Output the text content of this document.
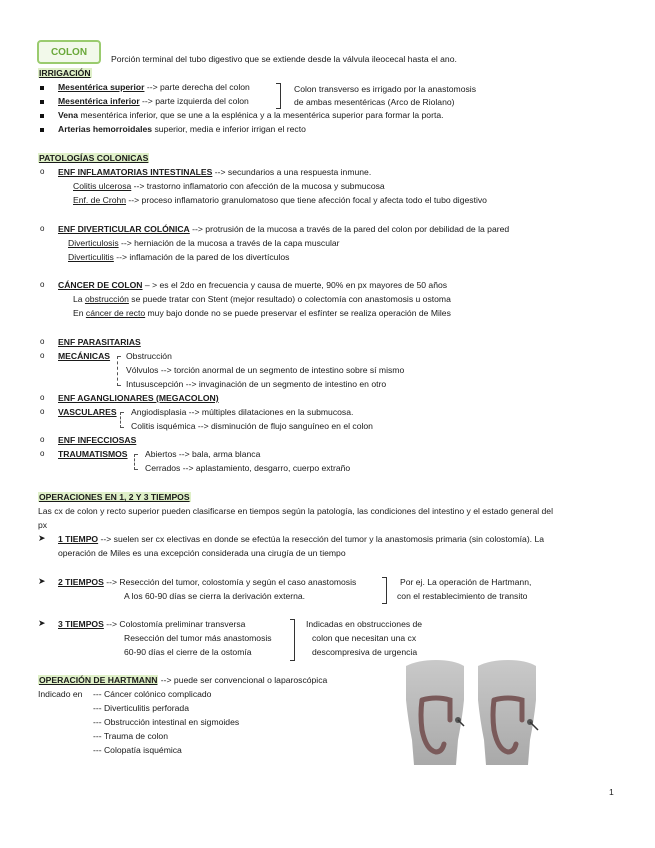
COLON
Porción terminal del tubo digestivo que se extiende desde la válvula ileocecal hasta el ano.
IRRIGACIÓN
Mesentérica superior --> parte derecha del colon
Mesentérica inferior --> parte izquierda del colon
Colon transverso es irrigado por la anastomosis
de ambas mesentéricas (Arco de Riolano)
Vena mesentérica inferior, que se une a la esplénica y a la mesentérica superior para formar la porta.
Arterias hemorroidales superior, media e inferior irrigan el recto
PATOLOGÍAS COLONICAS
o ENF INFLAMATORIAS INTESTINALES --> secundarios a una respuesta inmune.
Colitis ulcerosa --> trastorno inflamatorio con afección de la mucosa y submucosa
Enf. de Crohn --> proceso inflamatorio granulomatoso que tiene afección focal y afecta todo el tubo digestivo
o ENF DIVERTICULAR COLÓNICA --> protrusión de la mucosa a través de la pared del colon por debilidad de la pared
Diverticulosis --> herniación de la mucosa a través de la capa muscular
Diverticulitis --> inflamación de la pared de los divertículos
o CÁNCER DE COLON – > es el 2do en frecuencia y causa de muerte, 90% en px mayores de 50 años
La obstrucción se puede tratar con Stent (mejor resultado) o colectomía con anastomosis u ostoma
En cáncer de recto muy bajo donde no se puede preservar el esfínter se realiza operación de Miles
o ENF PARASITARIAS
o MECÁNICAS Obstrucción
Vólvulos --> torción anormal de un segmento de intestino sobre sí mismo
Intususcepción --> invaginación de un segmento de intestino en otro
o ENF AGANGLIONARES (MEGACOLON)
o VASCULARES Angiodisplasia --> múltiples dilataciones en la submucosa.
Colitis isquémica --> disminución de flujo sanguíneo en el colon
o ENF INFECCIOSAS
o TRAUMATISMOS Abiertos --> bala, arma blanca
Cerrados --> aplastamiento, desgarro, cuerpo extraño
OPERACIONES EN 1, 2 Y 3 TIEMPOS
Las cx de colon y recto superior pueden clasificarse en tiempos según la patología, las condiciones del intestino y el estado general del
px
➤ 1 TIEMPO --> suelen ser cx electivas en donde se efectúa la resección del tumor y la anastomosis primaria (sin colostomía). La
operación de Miles es una excepción considerada una cirugía de un tiempo
➤ 2 TIEMPOS --> Resección del tumor, colostomía y según el caso anastomosis
A los 60-90 días se cierra la derivación externa.
Por ej. La operación de Hartmann,
con el restablecimiento de transito
➤ 3 TIEMPOS --> Colostomía preliminar transversa
Resección del tumor más anastomosis
60-90 días el cierre de la ostomía
Indicadas en obstrucciones de
colon que necesitan una cx
descompresiva de urgencia
OPERACIÓN DE HARTMANN --> puede ser convencional o laparoscópica
Indicado en --- Cáncer colónico complicado
--- Diverticulitis perforada
--- Obstrucción intestinal en sigmoides
--- Trauma de colon
--- Colopatía isquémica
1
